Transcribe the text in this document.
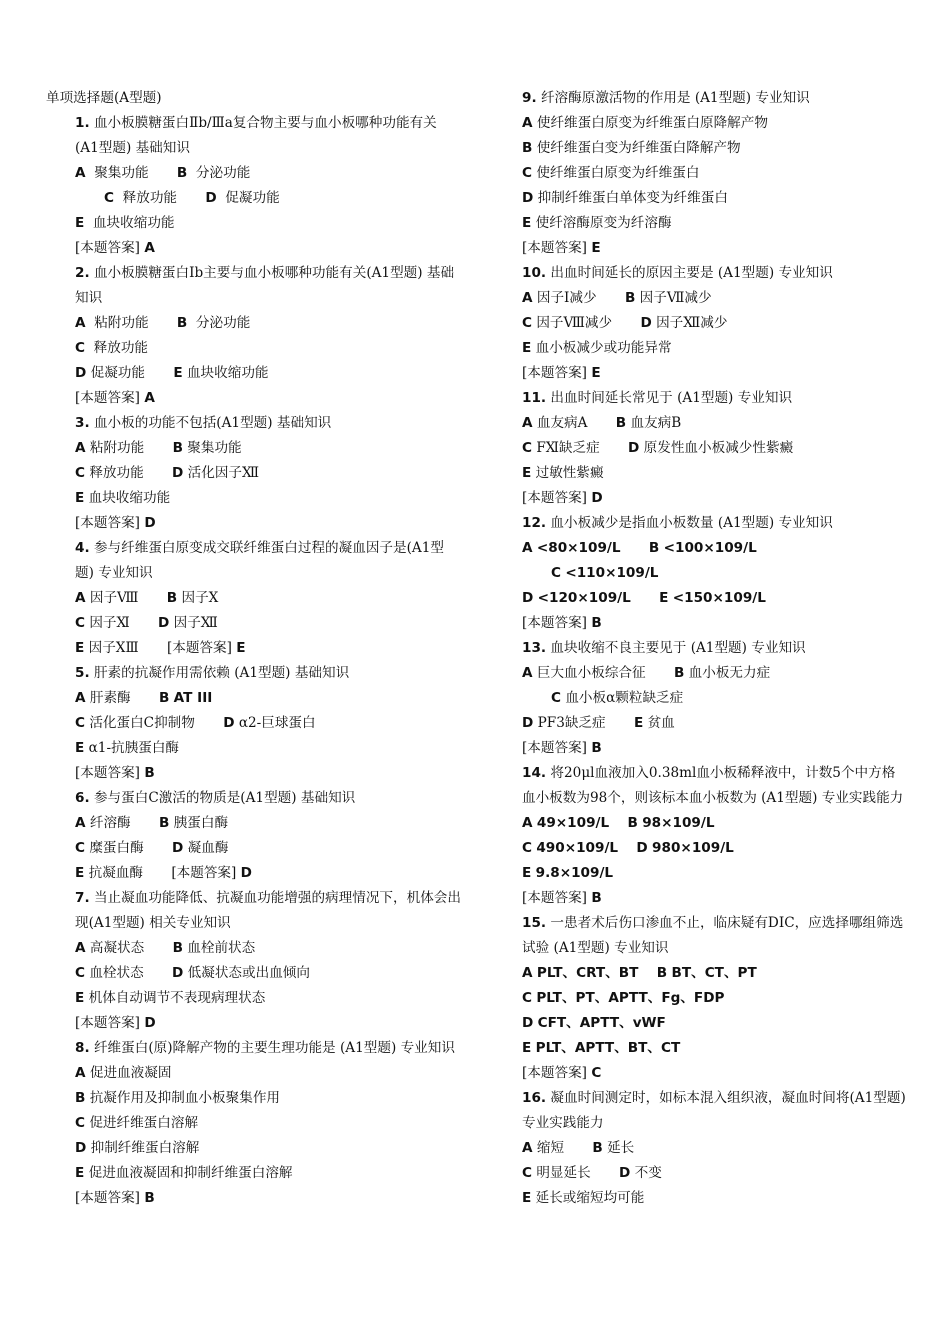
单项选择题(A型题)
1. 血小板膜糖蛋白Ⅱb/Ⅲa复合物主要与血小板哪种功能有关 (A1型题) 基础知识
A 聚集功能 B 分泌功能
C 释放功能 D 促凝功能
E 血块收缩功能
[本题答案] A
2. 血小板膜糖蛋白Ⅰb主要与血小板哪种功能有关(A1型题) 基础知识
A 粘附功能 B 分泌功能
C 释放功能
D 促凝功能 E 血块收缩功能
[本题答案] A
3. 血小板的功能不包括(A1型题) 基础知识
A 粘附功能 B 聚集功能
C 释放功能 D 活化因子Ⅻ
E 血块收缩功能
[本题答案] D
4. 参与纤维蛋白原变成交联纤维蛋白过程的凝血因子是(A1型题) 专业知识
A 因子Ⅷ B 因子Ⅹ
C 因子Ⅺ D 因子Ⅻ
E 因子ⅩⅢ [本题答案] E
5. 肝素的抗凝作用需依赖 (A1型题) 基础知识
A 肝素酶 B AT III
C 活化蛋白C抑制物 D α2-巨球蛋白
E α1-抗胰蛋白酶
[本题答案] B
6. 参与蛋白C激活的物质是(A1型题) 基础知识
A 纤溶酶 B 胰蛋白酶
C 糜蛋白酶 D 凝血酶
E 抗凝血酶 [本题答案] D
7. 当止凝血功能降低、抗凝血功能增强的病理情况下，机体会出现(A1型题) 相关专业知识
A 高凝状态 B 血栓前状态
C 血栓状态 D 低凝状态或出血倾向
E 机体自动调节不表现病理状态
[本题答案] D
8. 纤维蛋白(原)降解产物的主要生理功能是 (A1型题) 专业知识
A 促进血液凝固
B 抗凝作用及抑制血小板聚集作用
C 促进纤维蛋白溶解
D 抑制纤维蛋白溶解
E 促进血液凝固和抑制纤维蛋白溶解
[本题答案] B
9. 纤溶酶原激活物的作用是 (A1型题) 专业知识
A 使纤维蛋白原变为纤维蛋白原降解产物
B 使纤维蛋白变为纤维蛋白降解产物
C 使纤维蛋白原变为纤维蛋白
D 抑制纤维蛋白单体变为纤维蛋白
E 使纤溶酶原变为纤溶酶
[本题答案] E
10. 出血时间延长的原因主要是 (A1型题) 专业知识
A 因子Ⅰ减少 B 因子Ⅶ减少
C 因子Ⅷ减少 D 因子Ⅻ减少
E 血小板减少或功能异常
[本题答案] E
11. 出血时间延长常见于 (A1型题) 专业知识
A 血友病A B 血友病B
C FⅪ缺乏症 D 原发性血小板减少性紫癜
E 过敏性紫癜
[本题答案] D
12. 血小板减少是指血小板数量 (A1型题) 专业知识
A <80×109/L B <100×109/L
C <110×109/L
D <120×109/L E <150×109/L
[本题答案] B
13. 血块收缩不良主要见于 (A1型题) 专业知识
A 巨大血小板综合征 B 血小板无力症
C 血小板α颗粒缺乏症
D PF3缺乏症 E 贫血
[本题答案] B
14. 将20μl血液加入0.38ml血小板稀释液中，计数5个中方格血小板数为98个，则该标本血小板数为 (A1型题) 专业实践能力
A 49×109/L B 98×109/L
C 490×109/L D 980×109/L
E 9.8×109/L
[本题答案] B
15. 一患者术后伤口渗血不止，临床疑有DIC，应选择哪组筛选试验 (A1型题) 专业知识
A PLT、CRT、BT B BT、CT、PT
C PLT、PT、APTT、Fg、FDP
D CFT、APTT、vWF
E PLT、APTT、BT、CT
[本题答案] C
16. 凝血时间测定时，如标本混入组织液，凝血时间将(A1型题) 专业实践能力
A 缩短 B 延长
C 明显延长 D 不变
E 延长或缩短均可能
